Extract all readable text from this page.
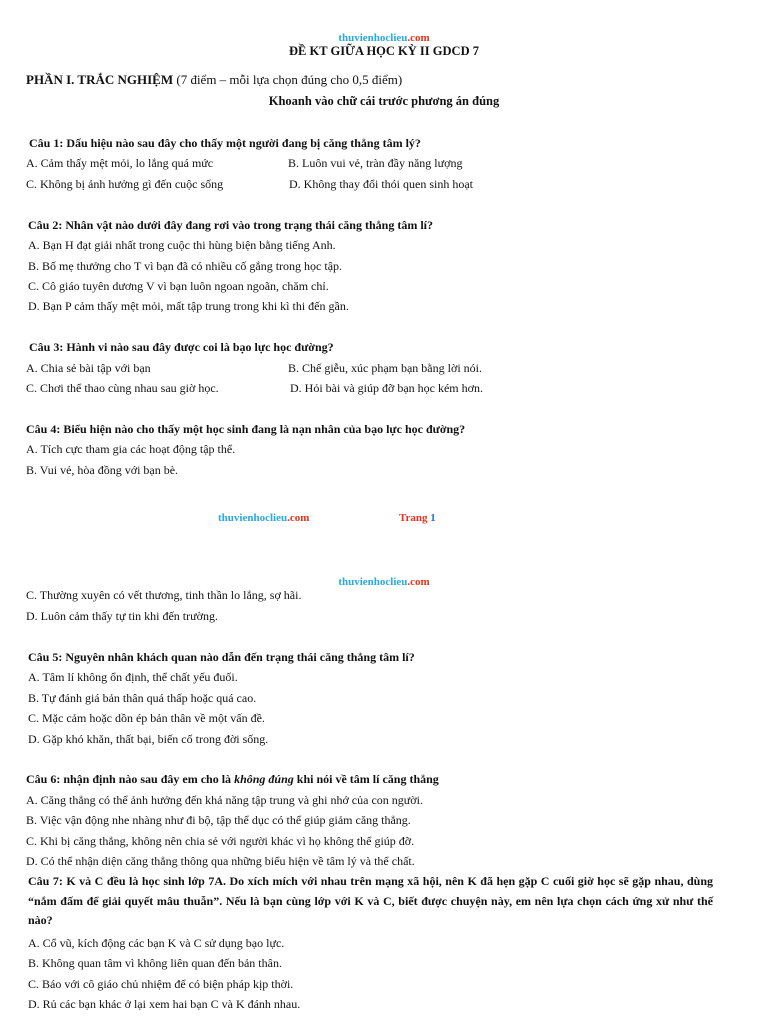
thuvienhoclieu.com
ĐỀ KT GIỮA HỌC KỲ II GDCD 7
PHẦN I. TRẮC NGHIỆM (7 điểm – mỗi lựa chọn đúng cho 0,5 điểm)
Khoanh vào chữ cái trước phương án đúng
Câu 1: Dấu hiệu nào sau đây cho thấy một người đang bị căng thẳng tâm lý?
A. Cảm thấy mệt mỏi, lo lắng quá mức	B. Luôn vui vẻ, tràn đầy năng lượng
C. Không bị ảnh hưởng gì đến cuộc sống	D. Không thay đổi thói quen sinh hoạt
Câu 2: Nhân vật nào dưới đây đang rơi vào trong trạng thái căng thẳng tâm lí?
A. Bạn H đạt giải nhất trong cuộc thi hùng biện bằng tiếng Anh.
B. Bố mẹ thưởng cho T vì bạn đã có nhiều cố gắng trong học tập.
C. Cô giáo tuyên dương V vì bạn luôn ngoan ngoãn, chăm chỉ.
D. Bạn P cảm thấy mệt mỏi, mất tập trung trong khi kì thi đến gần.
Câu 3: Hành vi nào sau đây được coi là bạo lực học đường?
A. Chia sẻ bài tập với bạn	B. Chế giễu, xúc phạm bạn bằng lời nói.
C. Chơi thể thao cùng nhau sau giờ học.	D. Hỏi bài và giúp đỡ bạn học kém hơn.
Câu 4: Biểu hiện nào cho thấy một học sinh đang là nạn nhân của bạo lực học đường?
A. Tích cực tham gia các hoạt động tập thể.
B. Vui vẻ, hòa đồng với bạn bè.
thuvienhoclieu.com	Trang 1
thuvienhoclieu.com
C. Thường xuyên có vết thương, tinh thần lo lắng, sợ hãi.
D. Luôn cảm thấy tự tin khi đến trường.
Câu 5: Nguyên nhân khách quan nào dẫn đến trạng thái căng thẳng tâm lí?
A. Tâm lí không ổn định, thể chất yếu đuối.
B. Tự đánh giá bản thân quá thấp hoặc quá cao.
C. Mặc cảm hoặc dồn ép bản thân về một vấn đề.
D. Gặp khó khăn, thất bại, biến cố trong đời sống.
Câu 6: nhận định nào sau đây em cho là không đúng khi nói về tâm lí căng thẳng
A. Căng thẳng có thể ảnh hưởng đến khả năng tập trung và ghi nhớ của con người.
B. Việc vận động nhe nhàng như đi bộ, tập thể dục có thể giúp giảm căng thẳng.
C. Khi bị căng thẳng, không nên chia sẻ với người khác vì họ không thể giúp đỡ.
D. Có thể nhận diện căng thẳng thông qua những biểu hiện về tâm lý và thể chất.
Câu 7: K và C đều là học sinh lớp 7A. Do xích mích với nhau trên mạng xã hội, nên K đã hẹn gặp C cuối giờ học sẽ gặp nhau, dùng “nắm đấm để giải quyết mâu thuẫn”. Nếu là bạn cùng lớp với K và C, biết được chuyện này, em nên lựa chọn cách ứng xử như thế nào?
A. Cổ vũ, kích động các bạn K và C sử dụng bạo lực.
B. Không quan tâm vì không liên quan đến bản thân.
C. Báo với cô giáo chủ nhiệm để có biện pháp kịp thời.
D. Rủ các bạn khác ở lại xem hai bạn C và K đánh nhau.
